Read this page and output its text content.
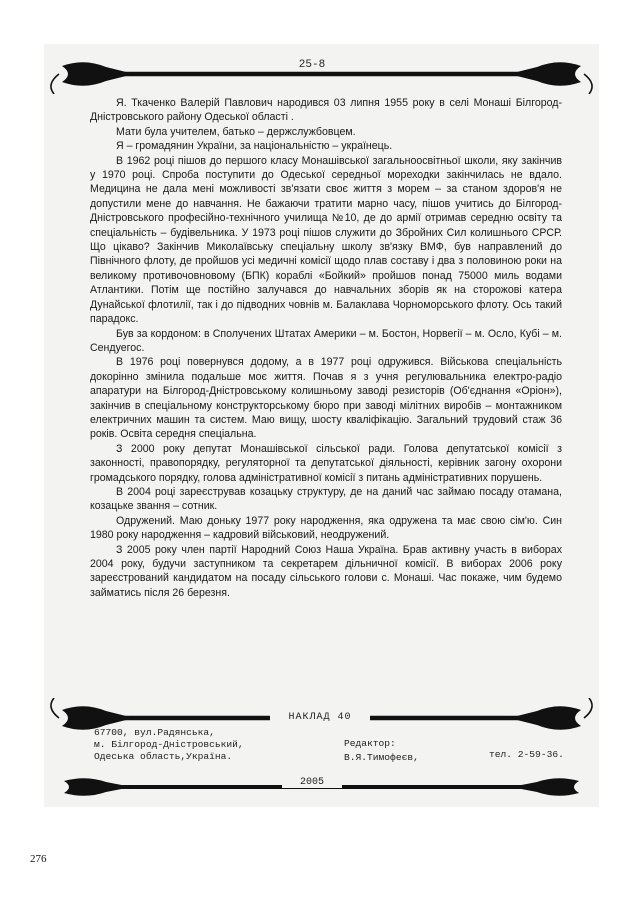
25-8

Я. Ткаченко Валерій Павлович народився 03 липня 1955 року в селі Монаші Білгород-Дністровського району Одеської області .

Мати була учителем, батько – держслужбовцем.

Я – громадянин України, за національністю – українець.

В 1962 році пішов до першого класу Монашівської загальноосвітньої школи, яку закінчив у 1970 році. Спроба поступити до Одеської середньої мореходки закінчилась не вдало. Медицина не дала мені можливості зв'язати своє життя з морем – за станом здоров'я не допустили мене до навчання. Не бажаючи тратити марно часу, пішов учитись до Білгород-Дністровського професійно-технічного училища №10, де до армії отримав середню освіту та спеціальність – будівельника. У 1973 році пішов служити до Збройних Сил колишнього СРСР. Що цікаво? Закінчив Миколаївську спеціальну школу зв'язку ВМФ, був направлений до Північного флоту, де пройшов усі медичні комісії щодо плав составу і два з половиною роки на великому противочовновому (БПК) кораблі «Бойкий» пройшов понад 75000 миль водами Атлантики. Потім ще постійно залучався до навчальних зборів як на сторожові катера Дунайської флотилії, так і до підводних човнів м. Балаклава Чорноморського флоту. Ось такий парадокс.

Був за кордоном: в Сполучених Штатах Америки – м. Бостон, Норвегії – м. Осло, Кубі – м. Сендуегос.

В 1976 році повернувся додому, а в 1977 році одружився. Військова спеціальність докорінно змінила подальше моє життя. Почав я з учня регулювальника електро-радіо апаратури на Білгород-Дністровському колишньому заводі резисторів (Об'єднання «Оріон»), закінчив в спеціальному конструкторському бюро при заводі мілітних виробів – монтажником електричних машин та систем. Маю вищу, шосту кваліфікацію. Загальний трудовий стаж 36 років. Освіта середня спеціальна.

З 2000 року депутат Монашівської сільської ради. Голова депутатської комісії з законності, правопорядку, регуляторної та депутатської діяльності, керівник загону охорони громадського порядку, голова адміністративної комісії з питань адміністративних порушень.

В 2004 році зареєстрував козацьку структуру, де на даний час займаю посаду отамана, козацьке звання – сотник.

Одружений. Маю доньку 1977 року народження, яка одружена та має свою сім'ю. Син 1980 року народження – кадровий військовий, неодружений.

З 2005 року член партії Народний Союз Наша Україна. Брав активну участь в виборах 2004 року, будучи заступником та секретарем дільничної комісії. В виборах 2006 року зареєстрований кандидатом на посаду сільського голови с. Монаші. Час покаже, чим будемо займатись після 26 березня.

НАКЛАД 40
67700, вул.Радянська,
м. Білгород-Дністровський,
Одеська область,Україна.
Редактор:
В.Я.Тимофеєв,	тел. 2-59-36.
2005
276
